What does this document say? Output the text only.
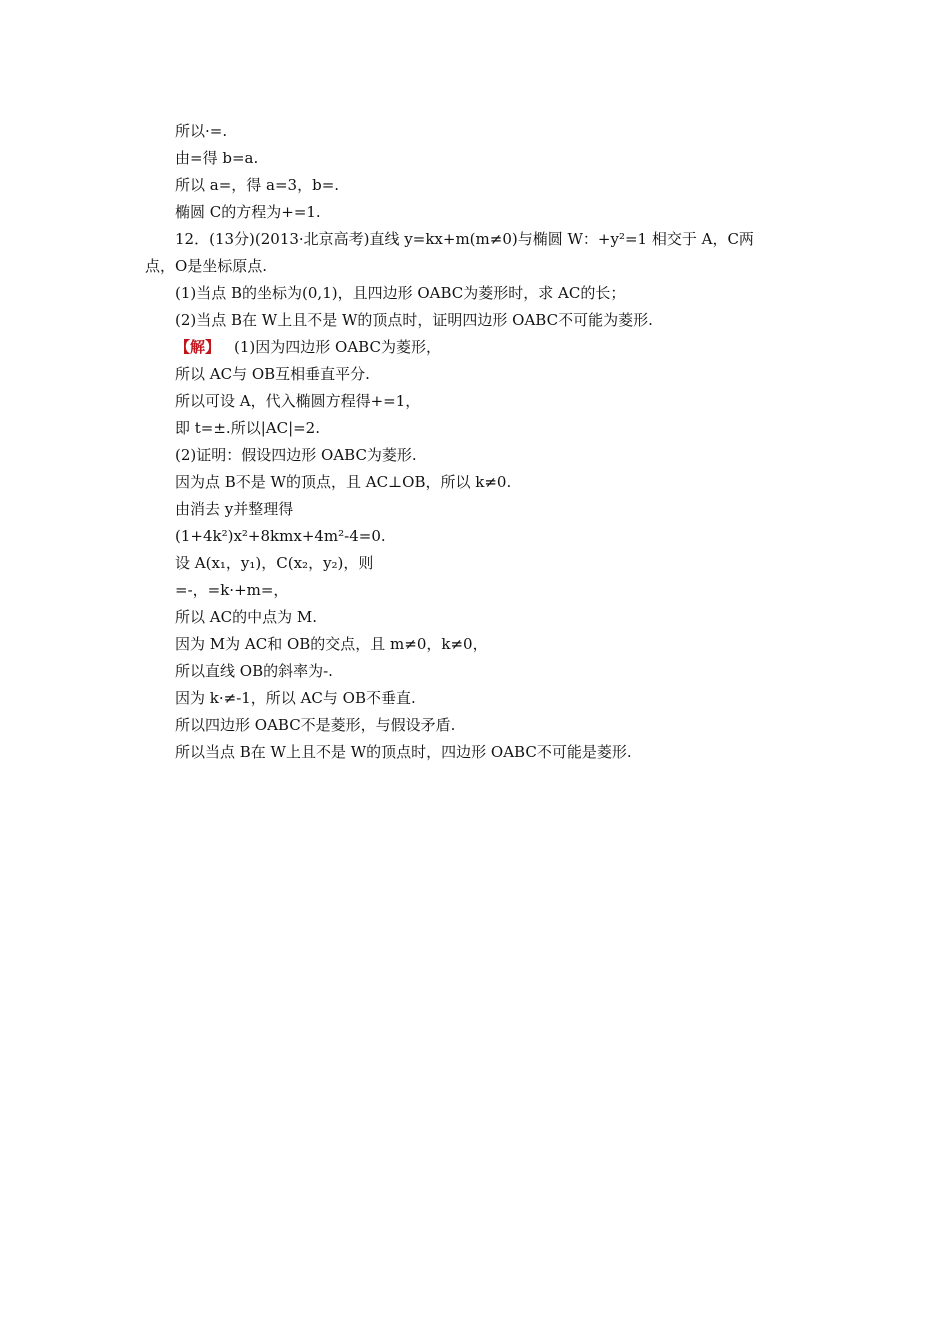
所以·=.
由=得 b=a.
所以 a=，得 a=3，b=.
椭圆 C的方程为+=1.
12．(13分)(2013·北京高考)直线 y=kx+m(m≠0)与椭圆 W：+y²=1 相交于 A，C两
点，O是坐标原点.
(1)当点 B的坐标为(0,1)，且四边形 OABC为菱形时，求 AC的长；
(2)当点 B在 W上且不是 W的顶点时，证明四边形 OABC不可能为菱形.
【解】 (1)因为四边形 OABC为菱形，
所以 AC与 OB互相垂直平分.
所以可设 A，代入椭圆方程得+=1，
即 t=±.所以|AC|=2.
(2)证明：假设四边形 OABC为菱形.
因为点 B不是 W的顶点，且 AC⊥OB，所以 k≠0.
由消去 y并整理得
(1+4k²)x²+8kmx+4m²-4=0.
设 A(x₁，y₁)，C(x₂，y₂)，则
=-，=k·+m=，
所以 AC的中点为 M.
因为 M为 AC和 OB的交点，且 m≠0，k≠0，
所以直线 OB的斜率为-.
因为 k·≠-1，所以 AC与 OB不垂直.
所以四边形 OABC不是菱形，与假设矛盾.
所以当点 B在 W上且不是 W的顶点时，四边形 OABC不可能是菱形.
